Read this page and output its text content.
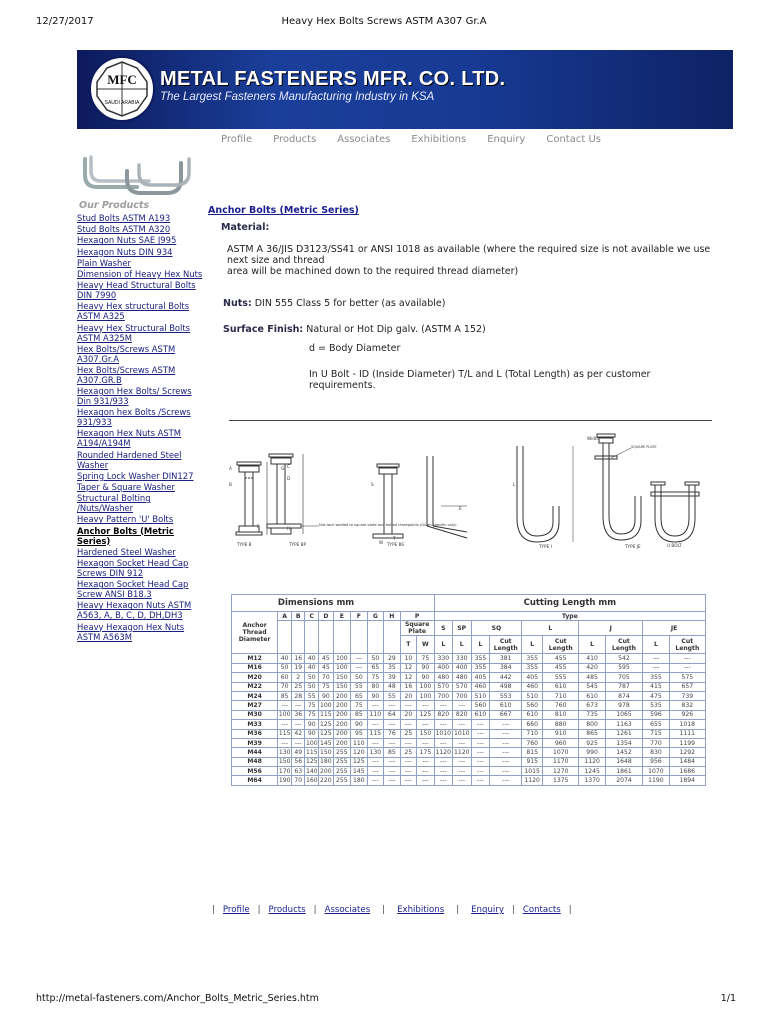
12/27/2017	Heavy Hex Bolts Screws ASTM A307 Gr.A
MFC
SAUDI ARABIA
METAL FASTENERS MFR. CO. LTD.
The Largest Fasteners Manufacturing Industry in KSA
Profile Products Associates Exhibitions Enquiry Contact Us
Our Products
Stud Bolts ASTM A193
Stud Bolts ASTM A320
Hexagon Nuts SAE J995
Hexagon Nuts DIN 934
Plain Washer
Dimension of Heavy Hex Nuts
Heavy Head Structural Bolts DIN 7990
Heavy Hex structural Bolts ASTM A325
Heavy Hex Structural Bolts ASTM A325M
Hex Bolts/Screws ASTM A307.Gr.A
Hex Bolts/Screws ASTM A307.GR.B
Hexagon Hex Bolts/ Screws Din 931/933
Hexagon hex Bolts /Screws 931/933
Hexagon Hex Nuts ASTM A194/A194M
Rounded Hardened Steel Washer
Spring Lock Washer DIN127
Taper & Square Washer
Structural Bolting /Nuts/Washer
Heavy Pattern 'U' Bolts
Anchor Bolts (Metric Series)
Hardened Steel Washer
Hexagon Socket Head Cap Screws DIN 912
Hexagon Socket Head Cap Screw ANSI B18.3
Heavy Hexagon Nuts ASTM A563, A, B, C, D, DH,DH3
Heavy Hexagon Hex Nuts ASTM A563M
Anchor Bolts (Metric Series)
Material:
ASTM A 36/JIS D3123/SS41 or ANSI 1018 as available (where the required size is not available we use next size and thread
area will be machined down to the required thread diameter)
Nuts: DIN 555 Class 5 for better (as available)
Surface Finish: Natural or Hot Dip galv. (ASTM A 152)
d = Body Diameter
In U Bolt - ID (Inside Diameter) T/L and L (Total Length) as per customer requirements.
TYPE B	TYPE BP	TYPE BS	TYPE I	TYPE JE	U BOLT
Nut tack welded to square plate and bolted threepoints (Given specific only)
A
B
C
D
E
F
G
H
L
S
T
W
Width
SQUARE PLATE
Dimensions mm											Cutting Length mm									
Anchor Thread Diameter	A	B	C	D	E	F	G	H	P		Type									
									Square Plate		S	SP	SQ		L		J		JE	
									T	W	L	L	L	Cut Length	L	Cut Length	L	Cut Length	L	Cut Length
M12	40	16	40	45	100	---	50	29	10	75	330	330	355	381	355	455	410	542	---	---
M16	50	19	40	45	100	---	65	35	12	90	400	400	355	384	355	455	420	595	---	---
M20	60	2	50	70	150	50	75	39	12	90	480	480	405	442	405	555	485	705	355	575
M22	70	25	50	75	150	55	80	48	16	100	570	570	460	498	460	610	545	787	415	657
M24	85	28	55	90	200	65	90	55	20	100	700	700	510	553	510	710	610	874	475	739
M27	---	---	75	100	200	75	---	---	---	---	---	---	560	610	560	760	673	978	535	832
M30	100	36	75	115	200	85	110	64	20	125	820	820	610	667	610	810	735	1065	596	926
M33	---	---	90	125	200	90	---	---	---	---	---	---	---	---	660	880	800	1163	655	1018
M36	115	42	90	125	200	95	115	76	25	150	1010	1010	---	---	710	910	865	1261	715	1111
M39	---	---	100	145	200	110	---	---	---	---	---	---	---	---	760	960	925	1354	770	1199
M44	130	49	115	150	255	120	130	85	25	175	1120	1120	---	---	815	1070	990	1452	830	1292
M48	150	56	125	180	255	125	---	---	---	---	---	---	---	---	915	1170	1120	1648	956	1484
M56	170	63	140	200	255	145	---	---	---	---	---	---	---	---	1015	1270	1245	1861	1070	1686
M64	190	70	160	220	255	180	---	---	---	---	---	---	---	---	1120	1375	1370	2074	1190	1894
| Profile | Products | Associates | Exhibitions | Enquiry | Contacts |
http://metal-fasteners.com/Anchor_Bolts_Metric_Series.htm	1/1
